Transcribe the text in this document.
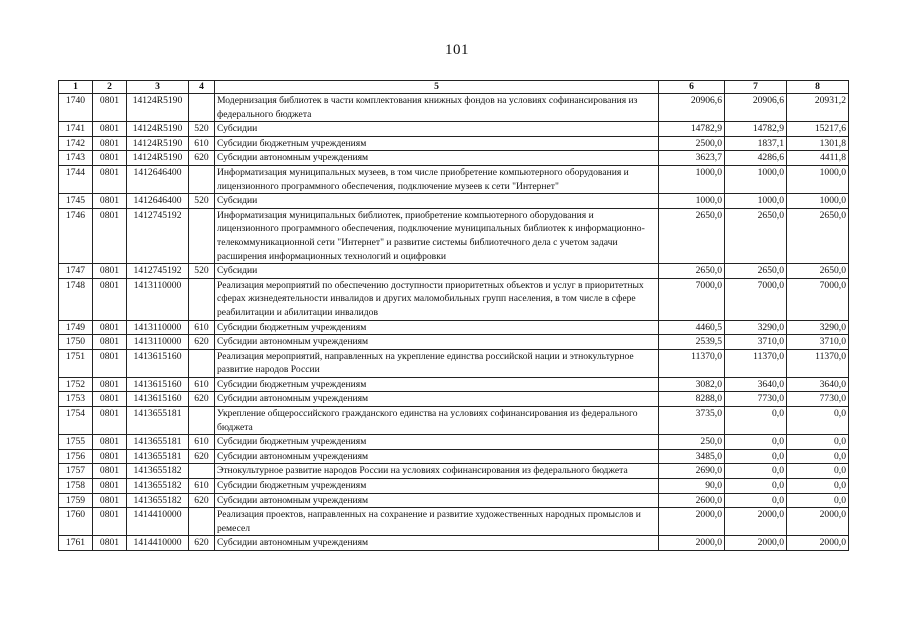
101
1	2	3	4	5	6	7	8
1740	0801	14124R5190		Модернизация библиотек в части комплектования книжных фондов на условиях софинансирования из федерального бюджета	20906,6	20906,6	20931,2
1741	0801	14124R5190	520	Субсидии	14782,9	14782,9	15217,6
1742	0801	14124R5190	610	Субсидии бюджетным учреждениям	2500,0	1837,1	1301,8
1743	0801	14124R5190	620	Субсидии автономным учреждениям	3623,7	4286,6	4411,8
1744	0801	1412646400		Информатизация муниципальных музеев, в том числе приобретение компьютерного оборудования и лицензионного программного обеспечения, подключение музеев к сети "Интернет"	1000,0	1000,0	1000,0
1745	0801	1412646400	520	Субсидии	1000,0	1000,0	1000,0
1746	0801	1412745192		Информатизация муниципальных библиотек, приобретение компьютерного оборудования и лицензионного программного обеспечения, подключение муниципальных библиотек к информационно-телекоммуникационной сети "Интернет" и развитие системы библиотечного дела с учетом задачи расширения информационных технологий и оцифровки	2650,0	2650,0	2650,0
1747	0801	1412745192	520	Субсидии	2650,0	2650,0	2650,0
1748	0801	1413110000		Реализация мероприятий по обеспечению доступности приоритетных объектов и услуг в приоритетных сферах жизнедеятельности инвалидов и других маломобильных групп населения, в том числе в сфере реабилитации и абилитации инвалидов	7000,0	7000,0	7000,0
1749	0801	1413110000	610	Субсидии бюджетным учреждениям	4460,5	3290,0	3290,0
1750	0801	1413110000	620	Субсидии автономным учреждениям	2539,5	3710,0	3710,0
1751	0801	1413615160		Реализация мероприятий, направленных на укрепление единства российской нации и этнокультурное развитие народов России	11370,0	11370,0	11370,0
1752	0801	1413615160	610	Субсидии бюджетным учреждениям	3082,0	3640,0	3640,0
1753	0801	1413615160	620	Субсидии автономным учреждениям	8288,0	7730,0	7730,0
1754	0801	1413655181		Укрепление общероссийского гражданского единства на условиях софинансирования из федерального бюджета	3735,0	0,0	0,0
1755	0801	1413655181	610	Субсидии бюджетным учреждениям	250,0	0,0	0,0
1756	0801	1413655181	620	Субсидии автономным учреждениям	3485,0	0,0	0,0
1757	0801	1413655182		Этнокультурное развитие народов России на условиях софинансирования из федерального бюджета	2690,0	0,0	0,0
1758	0801	1413655182	610	Субсидии бюджетным учреждениям	90,0	0,0	0,0
1759	0801	1413655182	620	Субсидии автономным учреждениям	2600,0	0,0	0,0
1760	0801	1414410000		Реализация проектов, направленных на сохранение и развитие художественных народных промыслов и ремесел	2000,0	2000,0	2000,0
1761	0801	1414410000	620	Субсидии автономным учреждениям	2000,0	2000,0	2000,0
